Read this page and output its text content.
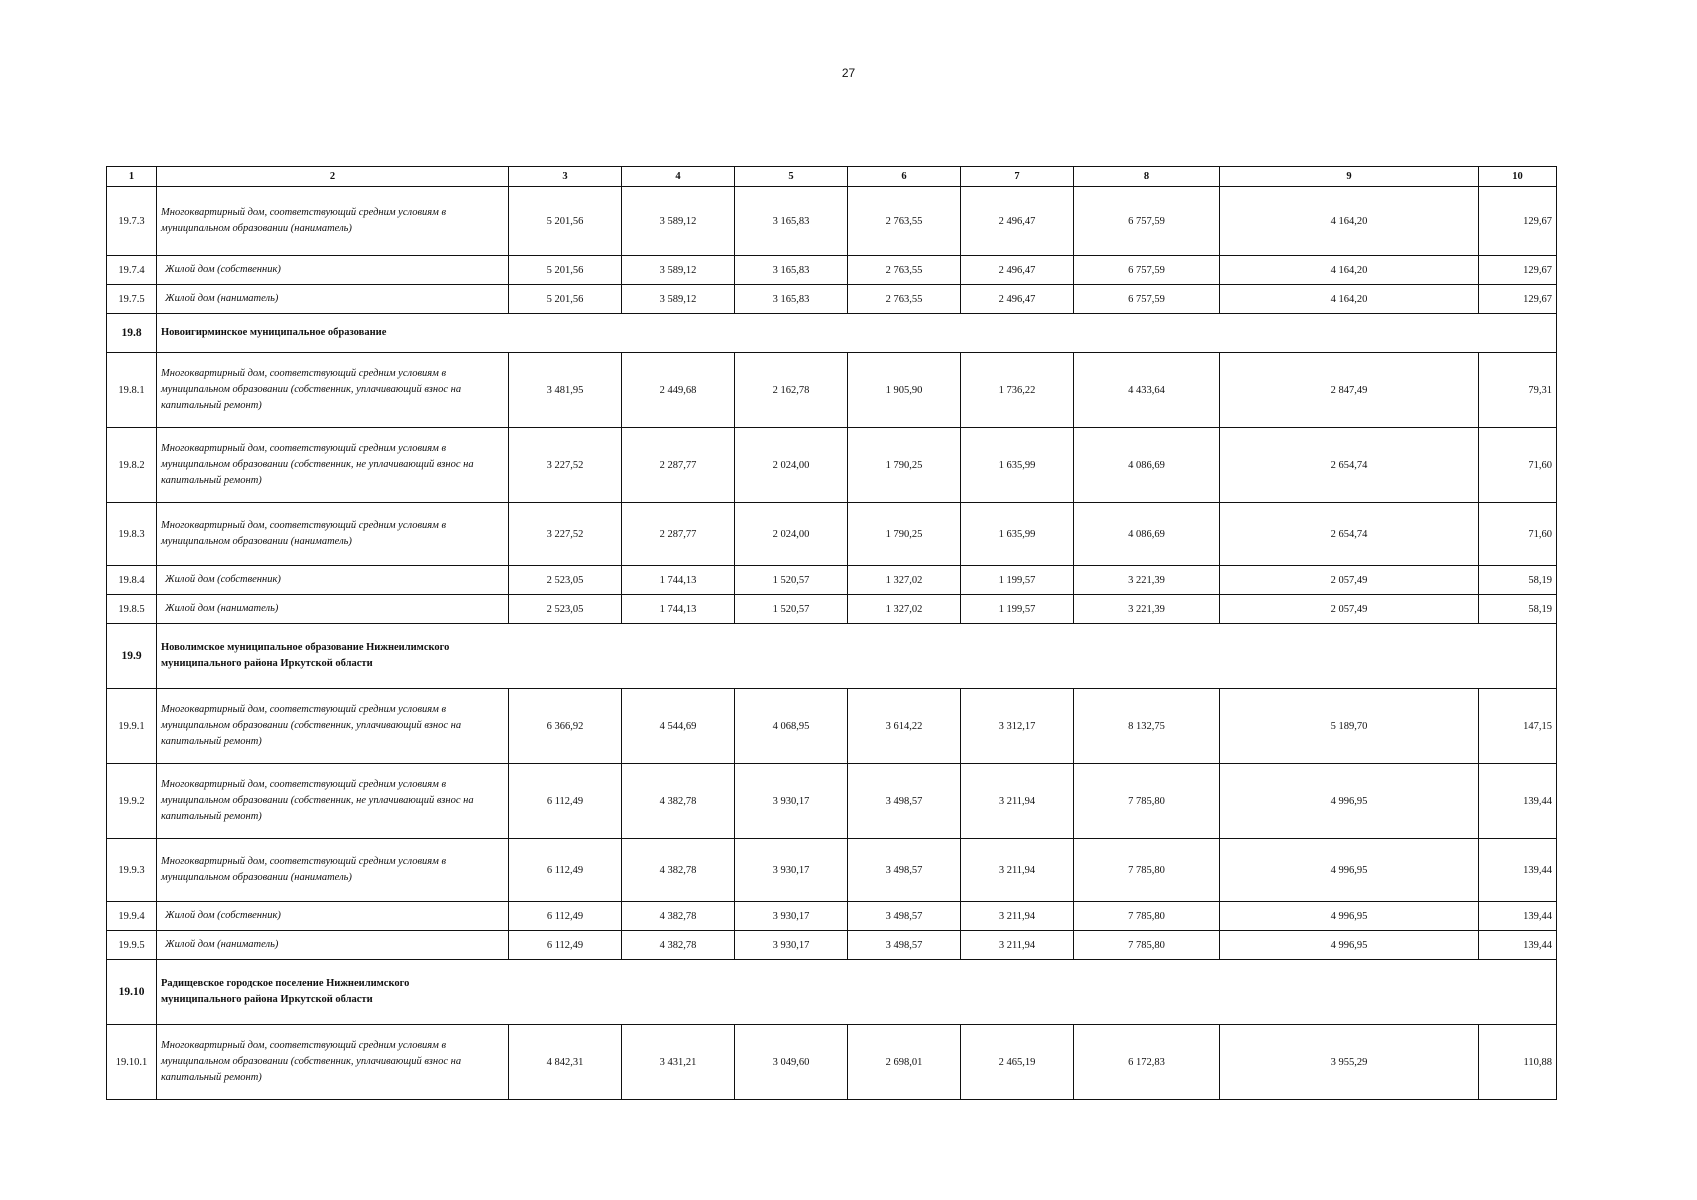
27
1	2	3	4	5	6	7	8	9	10
19.7.3	Многоквартирный дом, соответствующий средним условиям в муниципальном образовании (наниматель)	5 201,56	3 589,12	3 165,83	2 763,55	2 496,47	6 757,59	4 164,20	129,67
19.7.4	Жилой дом (собственник)	5 201,56	3 589,12	3 165,83	2 763,55	2 496,47	6 757,59	4 164,20	129,67
19.7.5	Жилой дом (наниматель)	5 201,56	3 589,12	3 165,83	2 763,55	2 496,47	6 757,59	4 164,20	129,67
19.8	Новоигирминское муниципальное образование								

19.8.1	Многоквартирный дом, соответствующий средним условиям в муниципальном образовании (собственник, уплачивающий взнос на капитальный ремонт)	3 481,95	2 449,68	2 162,78	1 905,90	1 736,22	4 433,64	2 847,49	79,31
19.8.2	Многоквартирный дом, соответствующий средним условиям в муниципальном образовании (собственник, не уплачивающий взнос на капитальный ремонт)	3 227,52	2 287,77	2 024,00	1 790,25	1 635,99	4 086,69	2 654,74	71,60
19.8.3	Многоквартирный дом, соответствующий средним условиям в муниципальном образовании (наниматель)	3 227,52	2 287,77	2 024,00	1 790,25	1 635,99	4 086,69	2 654,74	71,60
19.8.4	Жилой дом (собственник)	2 523,05	1 744,13	1 520,57	1 327,02	1 199,57	3 221,39	2 057,49	58,19
19.8.5	Жилой дом (наниматель)	2 523,05	1 744,13	1 520,57	1 327,02	1 199,57	3 221,39	2 057,49	58,19
19.9	Новолимское муниципальное образование Нижнеилимского муниципального района Иркутской области								

19.9.1	Многоквартирный дом, соответствующий средним условиям в муниципальном образовании (собственник, уплачивающий взнос на капитальный ремонт)	6 366,92	4 544,69	4 068,95	3 614,22	3 312,17	8 132,75	5 189,70	147,15
19.9.2	Многоквартирный дом, соответствующий средним условиям в муниципальном образовании (собственник, не уплачивающий взнос на капитальный ремонт)	6 112,49	4 382,78	3 930,17	3 498,57	3 211,94	7 785,80	4 996,95	139,44
19.9.3	Многоквартирный дом, соответствующий средним условиям в муниципальном образовании (наниматель)	6 112,49	4 382,78	3 930,17	3 498,57	3 211,94	7 785,80	4 996,95	139,44
19.9.4	Жилой дом (собственник)	6 112,49	4 382,78	3 930,17	3 498,57	3 211,94	7 785,80	4 996,95	139,44
19.9.5	Жилой дом (наниматель)	6 112,49	4 382,78	3 930,17	3 498,57	3 211,94	7 785,80	4 996,95	139,44
19.10	Радищевское городское поселение Нижнеилимского муниципального района Иркутской области								

19.10.1	Многоквартирный дом, соответствующий средним условиям в муниципальном образовании (собственник, уплачивающий взнос на капитальный ремонт)	4 842,31	3 431,21	3 049,60	2 698,01	2 465,19	6 172,83	3 955,29	110,88
